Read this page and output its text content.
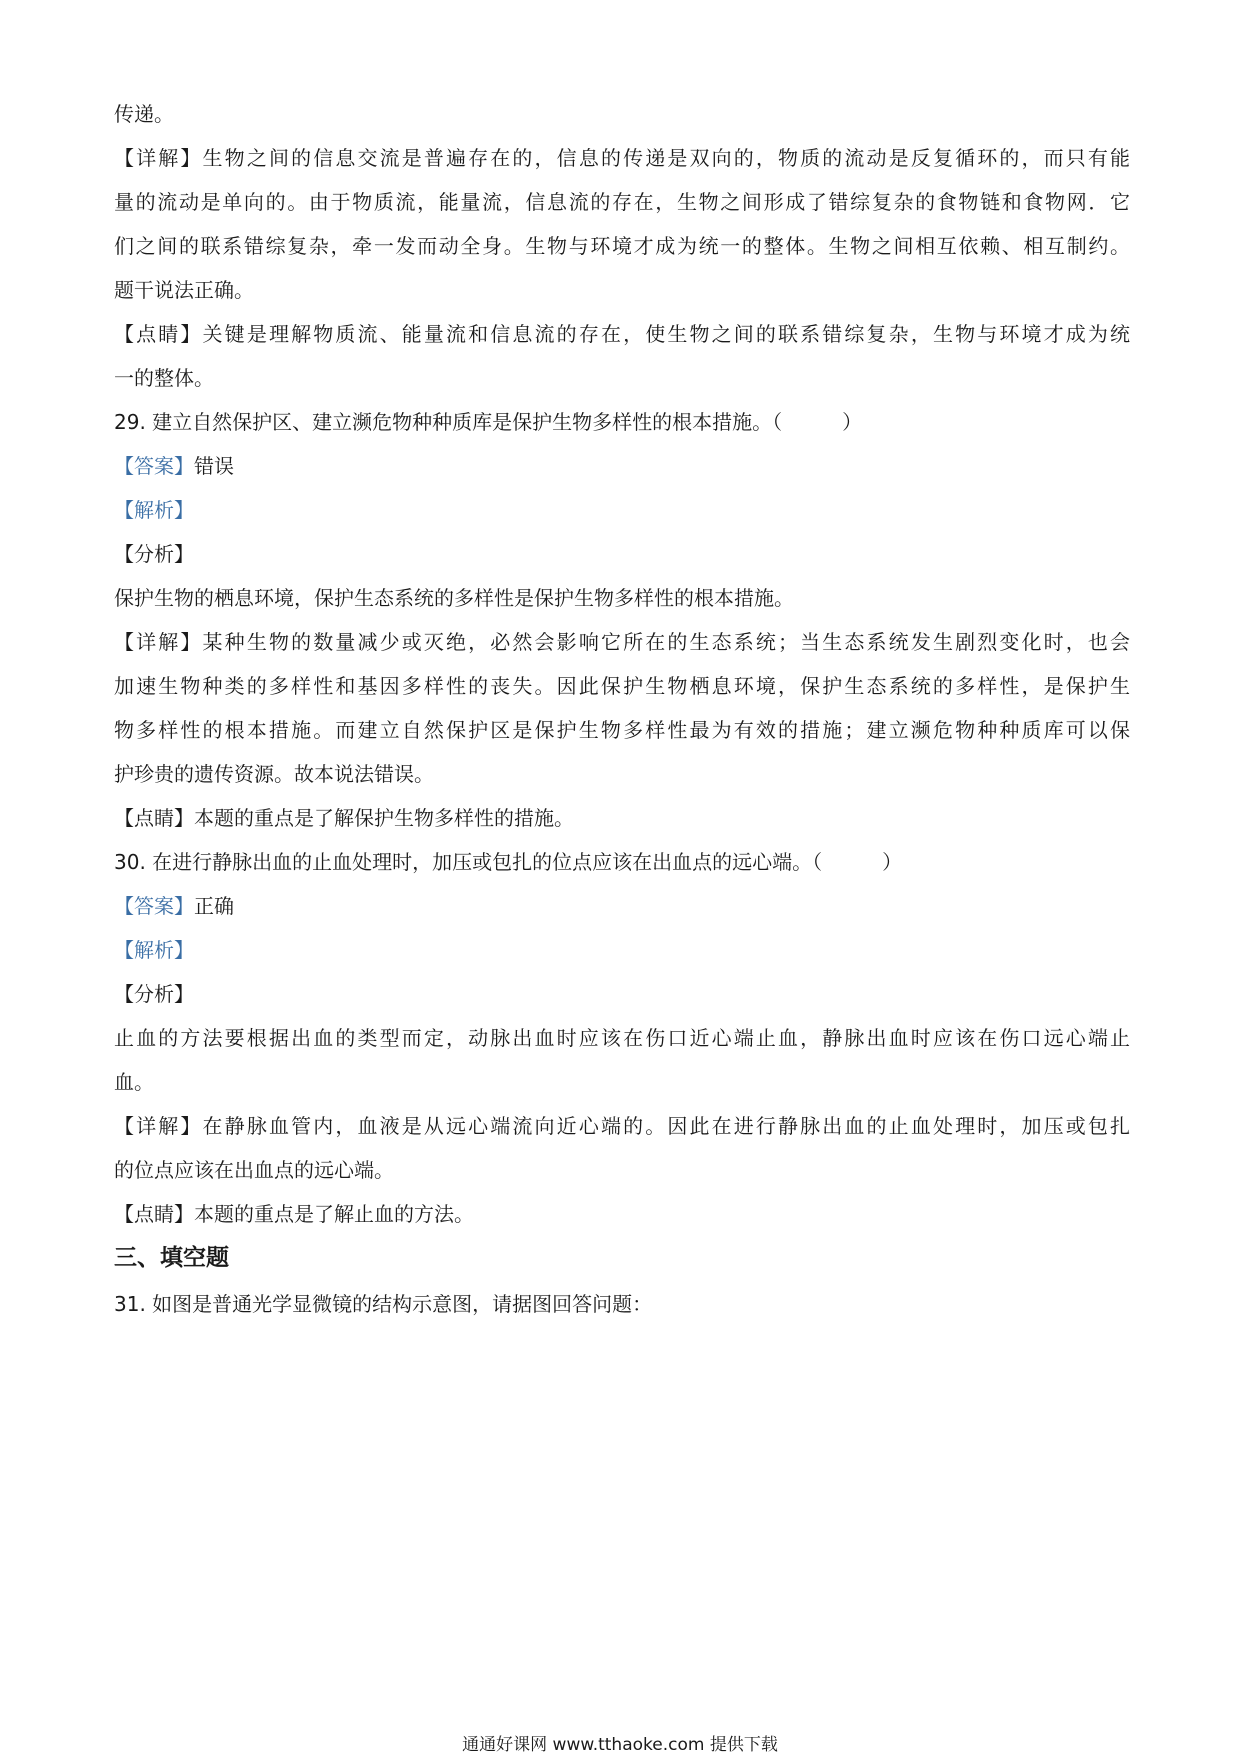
传递。
【详解】生物之间的信息交流是普遍存在的，信息的传递是双向的，物质的流动是反复循环的，而只有能
量的流动是单向的。由于物质流，能量流，信息流的存在，生物之间形成了错综复杂的食物链和食物网．它
们之间的联系错综复杂，牵一发而动全身。生物与环境才成为统一的整体。生物之间相互依赖、相互制约。
题干说法正确。
【点睛】关键是理解物质流、能量流和信息流的存在，使生物之间的联系错综复杂，生物与环境才成为统
一的整体。
29. 建立自然保护区、建立濒危物种种质库是保护生物多样性的根本措施。（　　　）
【答案】错误
【解析】
【分析】
保护生物的栖息环境，保护生态系统的多样性是保护生物多样性的根本措施。
【详解】某种生物的数量减少或灭绝，必然会影响它所在的生态系统；当生态系统发生剧烈变化时，也会
加速生物种类的多样性和基因多样性的丧失。因此保护生物栖息环境，保护生态系统的多样性，是保护生
物多样性的根本措施。而建立自然保护区是保护生物多样性最为有效的措施；建立濒危物种种质库可以保
护珍贵的遗传资源。故本说法错误。
【点睛】本题的重点是了解保护生物多样性的措施。
30. 在进行静脉出血的止血处理时，加压或包扎的位点应该在出血点的远心端。（　　　）
【答案】正确
【解析】
【分析】
止血的方法要根据出血的类型而定，动脉出血时应该在伤口近心端止血，静脉出血时应该在伤口远心端止
血。
【详解】在静脉血管内，血液是从远心端流向近心端的。因此在进行静脉出血的止血处理时，加压或包扎
的位点应该在出血点的远心端。
【点睛】本题的重点是了解止血的方法。
三、填空题
31. 如图是普通光学显微镜的结构示意图，请据图回答问题：
通通好课网 www.tthaoke.com 提供下载
